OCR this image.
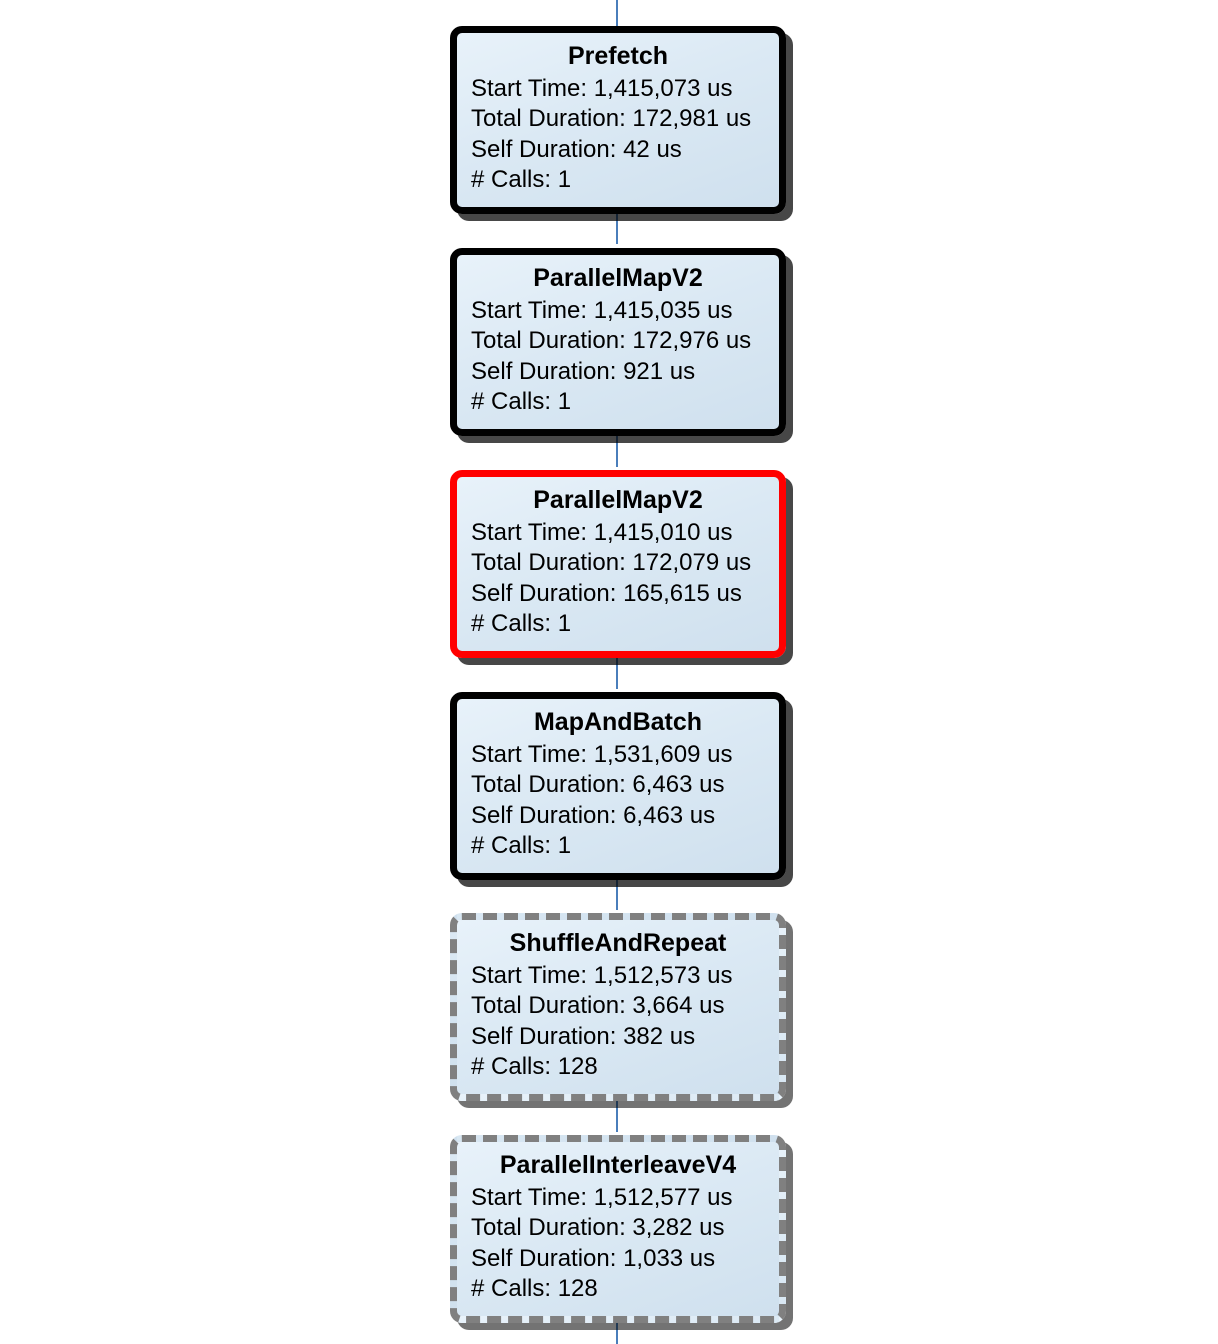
Prefetch
Start Time: 1,415,073 us
Total Duration: 172,981 us
Self Duration: 42 us
# Calls: 1
ParallelMapV2
Start Time: 1,415,035 us
Total Duration: 172,976 us
Self Duration: 921 us
# Calls: 1
ParallelMapV2
Start Time: 1,415,010 us
Total Duration: 172,079 us
Self Duration: 165,615 us
# Calls: 1
MapAndBatch
Start Time: 1,531,609 us
Total Duration: 6,463 us
Self Duration: 6,463 us
# Calls: 1
ShuffleAndRepeat
Start Time: 1,512,573 us
Total Duration: 3,664 us
Self Duration: 382 us
# Calls: 128
ParallelInterleaveV4
Start Time: 1,512,577 us
Total Duration: 3,282 us
Self Duration: 1,033 us
# Calls: 128
